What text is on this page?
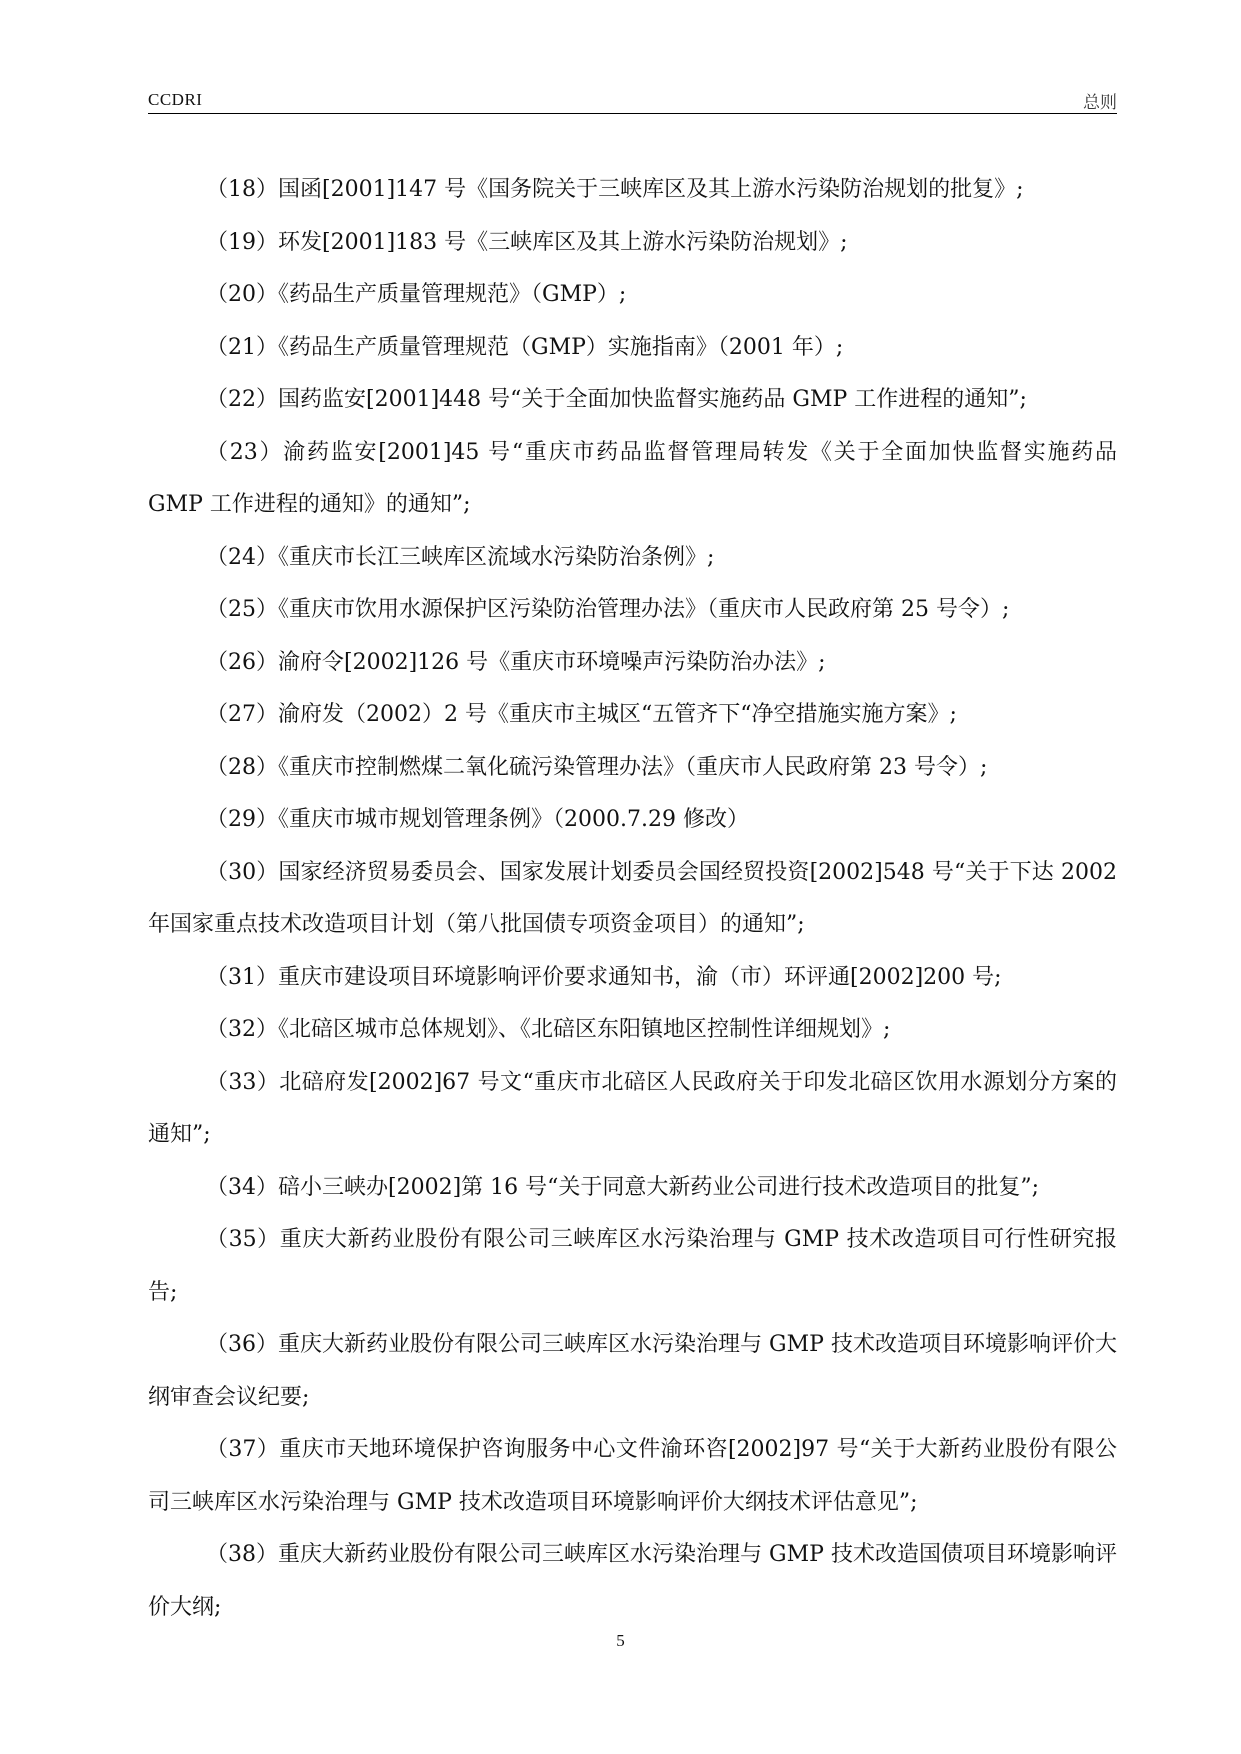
CCDRI	总则

（18）国函[2001]147 号《国务院关于三峡库区及其上游水污染防治规划的批复》;

（19）环发[2001]183 号《三峡库区及其上游水污染防治规划》;

（20）《药品生产质量管理规范》（GMP）;

（21）《药品生产质量管理规范（GMP）实施指南》（2001 年）;

（22）国药监安[2001]448 号“关于全面加快监督实施药品 GMP 工作进程的通知”;

（23）渝药监安[2001]45 号“重庆市药品监督管理局转发《关于全面加快监督实施药品 GMP 工作进程的通知》的通知”;

（24）《重庆市长江三峡库区流域水污染防治条例》;

（25）《重庆市饮用水源保护区污染防治管理办法》（重庆市人民政府第 25 号令）;

（26）渝府令[2002]126 号《重庆市环境噪声污染防治办法》;

（27）渝府发（2002）2 号《重庆市主城区“五管齐下“净空措施实施方案》;

（28）《重庆市控制燃煤二氧化硫污染管理办法》（重庆市人民政府第 23 号令）;

（29）《重庆市城市规划管理条例》（2000.7.29 修改）

（30）国家经济贸易委员会、国家发展计划委员会国经贸投资[2002]548 号“关于下达 2002 年国家重点技术改造项目计划（第八批国债专项资金项目）的通知”;

（31）重庆市建设项目环境影响评价要求通知书，渝（市）环评通[2002]200 号;

（32）《北碚区城市总体规划》、《北碚区东阳镇地区控制性详细规划》;

（33）北碚府发[2002]67 号文“重庆市北碚区人民政府关于印发北碚区饮用水源划分方案的通知”;

（34）碚小三峡办[2002]第 16 号“关于同意大新药业公司进行技术改造项目的批复”;

（35）重庆大新药业股份有限公司三峡库区水污染治理与 GMP 技术改造项目可行性研究报告;

（36）重庆大新药业股份有限公司三峡库区水污染治理与 GMP 技术改造项目环境影响评价大纲审查会议纪要;

（37）重庆市天地环境保护咨询服务中心文件渝环咨[2002]97 号“关于大新药业股份有限公司三峡库区水污染治理与 GMP 技术改造项目环境影响评价大纲技术评估意见”;

（38）重庆大新药业股份有限公司三峡库区水污染治理与 GMP 技术改造国债项目环境影响评价大纲;

5
